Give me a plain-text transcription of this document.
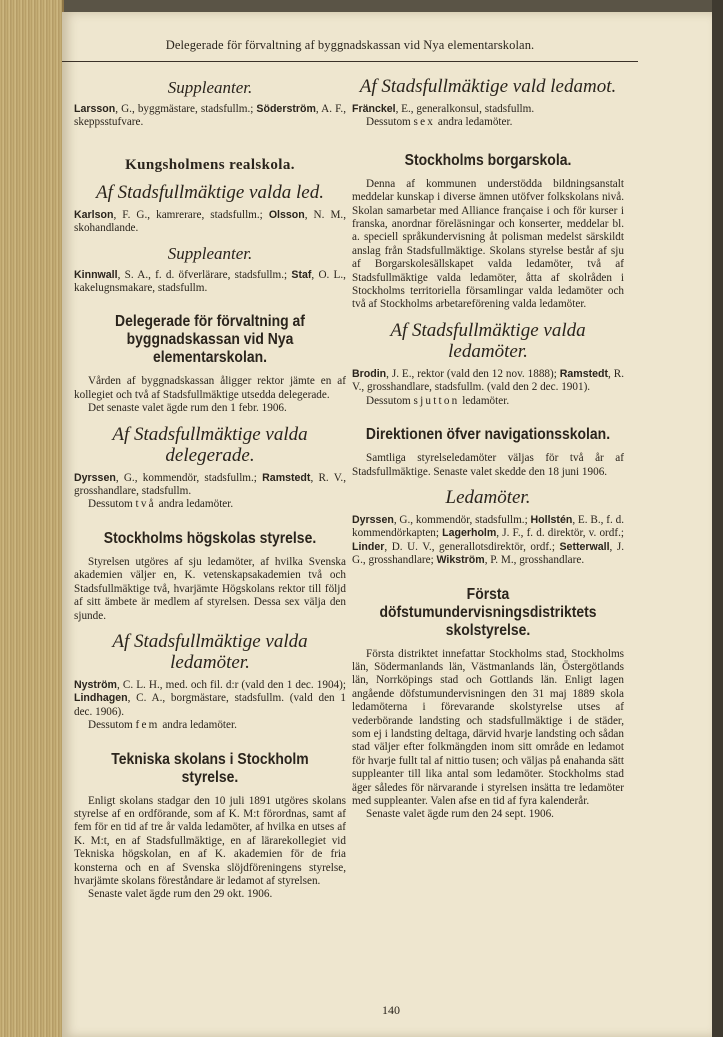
Delegerade för förvaltning af byggnadskassan vid Nya elementarskolan.
Suppleanter.

Larsson, G., byggmästare, stadsfullm.; Söderström, A. F., skeppsstufvare.

Kungsholmens realskola.
Af Stadsfullmäktige valda led.

Karlson, F. G., kamrerare, stadsfullm.; Olsson, N. M., skohandlande.

Suppleanter.

Kinnwall, S. A., f. d. öfverlärare, stadsfullm.; Staf, O. L., kakelugnsmakare, stadsfullm.

Delegerade för förvaltning af byggnadskassan vid Nya elementarskolan.

Vården af byggnadskassan åligger rektor jämte en af kollegiet och två af Stadsfullmäktige utsedda delegerade.

Det senaste valet ägde rum den 1 febr. 1906.

Af Stadsfullmäktige valda delegerade.

Dyrssen, G., kommendör, stadsfullm.; Ramstedt, R. V., grosshandlare, stadsfullm.

Dessutom två andra ledamöter.

Stockholms högskolas styrelse.

Styrelsen utgöres af sju ledamöter, af hvilka Svenska akademien väljer en, K. vetenskapsakademien två och Stadsfullmäktige två, hvarjämte Högskolans rektor till följd af sitt ämbete är medlem af styrelsen. Dessa sex välja den sjunde.

Af Stadsfullmäktige valda ledamöter.

Nyström, C. L. H., med. och fil. d:r (vald den 1 dec. 1904); Lindhagen, C. A., borgmästare, stadsfullm. (vald den 1 dec. 1906).

Dessutom fem andra ledamöter.

Tekniska skolans i Stockholm styrelse.

Enligt skolans stadgar den 10 juli 1891 utgöres skolans styrelse af en ordförande, som af K. M:t förordnas, samt af fem för en tid af tre år valda ledamöter, af hvilka en utses af K. M:t, en af Stadsfullmäktige, en af lärarekollegiet vid Tekniska högskolan, en af K. akademien för de fria konsterna och en af Svenska slöjdföreningens styrelse, hvarjämte skolans föreståndare är ledamot af styrelsen.

Senaste valet ägde rum den 29 okt. 1906.

Af Stadsfullmäktige vald ledamot.

Fränckel, E., generalkonsul, stadsfullm.

Dessutom sex andra ledamöter.

Stockholms borgarskola.

Denna af kommunen understödda bildningsanstalt meddelar kunskap i diverse ämnen utöfver folkskolans nivå. Skolan samarbetar med Alliance française i och för kurser i franska, anordnar föreläsningar och konserter, meddelar bl. a. speciell språkundervisning åt polisman medelst särskildt anslag från Stadsfullmäktige. Skolans styrelse består af sju af Borgarskolesällskapet valda ledamöter, två af Stadsfullmäktige valda ledamöter, åtta af skolråden i Stockholms territoriella församlingar valda ledamöter och två af Stockholms arbetareförening valda ledamöter.

Af Stadsfullmäktige valda ledamöter.

Brodin, J. E., rektor (vald den 12 nov. 1888); Ramstedt, R. V., grosshandlare, stadsfullm. (vald den 2 dec. 1901).

Dessutom sjutton ledamöter.

Direktionen öfver navigationsskolan.

Samtliga styrelseledamöter väljas för två år af Stadsfullmäktige. Senaste valet skedde den 18 juni 1906.

Ledamöter.

Dyrssen, G., kommendör, stadsfullm.; Hollstén, E. B., f. d. kommendörkapten; Lagerholm, J. F., f. d. direktör, v. ordf.; Linder, D. U. V., generallotsdirektör, ordf.; Setterwall, J. G., grosshandlare; Wikström, P. M., grosshandlare.

Första döfstumundervisningsdistriktets skolstyrelse.

Första distriktet innefattar Stockholms stad, Stockholms län, Södermanlands län, Västmanlands län, Östergötlands län, Norrköpings stad och Gottlands län. Enligt lagen angående döfstumundervisningen den 31 maj 1889 skola ledamöterna i förevarande skolstyrelse utses af vederbörande landsting och stadsfullmäktige i de städer, som ej i landsting deltaga, därvid hvarje landsting och sådan stad väljer efter folkmängden inom sitt område en ledamot för hvarje fullt tal af nittio tusen; och väljas på enahanda sätt suppleanter till lika antal som ledamöter. Stockholms stad äger således för närvarande i styrelsen insätta tre ledamöter med suppleanter. Valen afse en tid af fyra kalenderår.

Senaste valet ägde rum den 24 sept. 1906.

140
